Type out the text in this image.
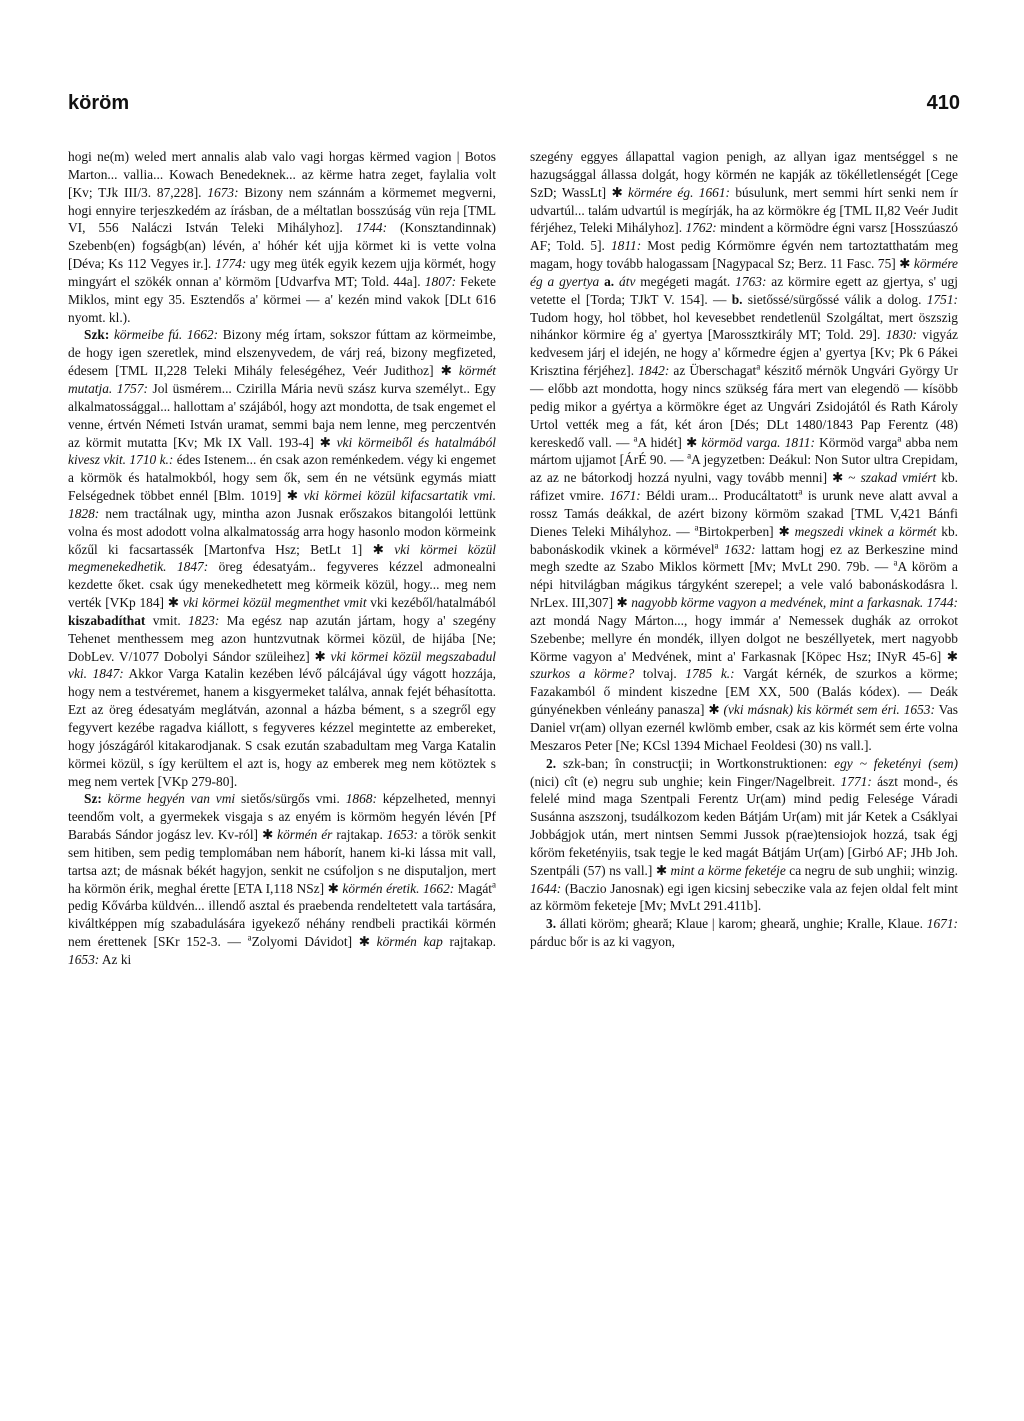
köröm	410

hogi ne(m) weled mert annalis alab valo vagi horgas kërmed vagion | Botos Marton... vallia... Kowach Benedeknek... az kërme hatra zeget, faylalia volt [Kv; TJk III/3. 87,228]. 1673: Bizony nem szánnám a körmemet megverni, hogi ennyire terjeszkedém az írásban, de a méltatlan bosszúság vün reja [TML VI, 556 Naláczi István Teleki Mihályhoz]. 1744: (Konsztandinnak) Szebenb(en) fogságb(an) lévén, a' hóhér két ujja körmet ki is vette volna [Déva; Ks 112 Vegyes ir.]. 1774: ugy meg üték egyik kezem ujja körmét, hogy mingyárt el szökék onnan a' körmöm [Udvarfva MT; Told. 44a]. 1807: Fekete Miklos, mint egy 35. Esztendős a' körmei — a' kezén mind vakok [DLt 616 nyomt. kl.).

Szk: körmeibe fú. 1662: Bizony még írtam, sokszor fúttam az körmeimbe, de hogy igen szeretlek, mind elszenyvedem, de várj reá, bizony megfizeted, édesem [TML II,228 Teleki Mihály feleségéhez, Veér Judithoz] ✱ körmét mutatja. 1757: Jol üsmérem... Czirilla Mária nevü szász kurva személyt.. Egy alkalmatossággal... hallottam a' szájából, hogy azt mondotta, de tsak engemet el venne, értvén Németi István uramat, semmi baja nem lenne, meg perczentvén az körmit mutatta [Kv; Mk IX Vall. 193-4] ✱ vki körmeiből és hatalmából kivesz vkit. 1710 k.: édes Istenem... én csak azon reménkedem. végy ki engemet a körmök és hatalmokból, hogy sem ők, sem én ne vétsünk egymás miatt Felségednek többet ennél [Blm. 1019] ✱ vki körmei közül kifacsartatik vmi. 1828: nem tractálnak ugy, mintha azon Jusnak erőszakos bitangolói lettünk volna és most adodott volna alkalmatosság arra hogy hasonlo modon körmeink kőzűl ki facsartassék [Martonfva Hsz; BetLt 1] ✱ vki körmei közül megmenekedhetik. 1847: öreg édesatyám.. fegyveres kézzel admonealni kezdette őket. csak úgy menekedhetett meg körmeik közül, hogy... meg nem verték [VKp 184] ✱ vki körmei közül megmenthet vmit vki kezéből/hatalmából kiszabadíthat vmit. 1823: Ma egész nap azután jártam, hogy a' szegény Tehenet menthessem meg azon huntzvutnak körmei közül, de hijába [Ne; DobLev. V/1077 Dobolyi Sándor szüleihez] ✱ vki körmei közül megszabadul vki. 1847: Akkor Varga Katalin kezében lévő pálcájával úgy vágott hozzája, hogy nem a testvéremet, hanem a kisgyermeket találva, annak fejét béhasította. Ezt az öreg édesatyám meglátván, azonnal a házba bément, s a szegről egy fegyvert kezébe ragadva kiállott, s fegyveres kézzel megintette az embereket, hogy jószágáról kitakarodjanak. S csak ezután szabadultam meg Varga Katalin körmei közül, s így kerültem el azt is, hogy az emberek meg nem kötöztek s meg nem vertek [VKp 279-80].

Sz: körme hegyén van vmi sietős/sürgős vmi. 1868: képzelheted, mennyi teendőm volt, a gyermekek visgaja s az enyém is körmöm hegyén lévén [Pf Barabás Sándor jogász lev. Kv-ról] ✱ körmén ér rajtakap. 1653: a török senkit sem hitiben, sem pedig templomában nem háborít, hanem ki-ki lássa mit vall, tartsa azt; de másnak békét hagyjon, senkit ne csúfoljon s ne disputaljon, mert ha körmön érik, meghal érette [ETA I,118 NSz] ✱ körmén éretik. 1662: Magát$^a$ pedig Kővárba küldvén... illendő asztal és praebenda rendeltetett vala tartására, kiváltképpen míg szabadulására igyekező néhány rendbeli practikái körmén nem érettenek [SKr 152-3. — $^a$Zolyomi Dávidot] ✱ körmén kap rajtakap. 1653: Az ki

szegény eggyes állapattal vagion penigh, az allyan igaz mentséggel s ne hazugsággal állassa dolgát, hogy körmén ne kapják az tökélletlenségét [Cege SzD; WassLt] ✱ körmére ég. 1661: búsulunk, mert semmi hírt senki nem ír udvartúl... talám udvartúl is megírják, ha az körmökre ég [TML II,82 Veér Judit férjéhez, Teleki Mihályhoz]. 1762: mindent a körmödre égni varsz [Hosszúaszó AF; Told. 5]. 1811: Most pedig Kórmömre égvén nem tartoztatthatám meg magam, hogy tovább halogassam [Nagypacal Sz; Berz. 11 Fasc. 75] ✱ körmére ég a gyertya a. átv megégeti magát. 1763: az körmire egett az gjertya, s' ugj vetette el [Torda; TJkT V. 154]. — b. sietőssé/sürgőssé válik a dolog. 1751: Tudom hogy, hol többet, hol kevesebbet rendetlenül Szolgáltat, mert öszszig nihánkor körmire ég a' gyertya [Marossztkirály MT; Told. 29]. 1830: vigyáz kedvesem járj el idején, ne hogy a' kőrmedre égjen a' gyertya [Kv; Pk 6 Pákei Krisztina férjéhez]. 1842: az Überschagat$^a$ készitő mérnök Ungvári György Ur — előbb azt mondotta, hogy nincs szükség fára mert van elegendö — kísöbb pedig mikor a gyértya a körmökre éget az Ungvári Zsidojától és Rath Károly Urtol vették meg a fát, két áron [Dés; DLt 1480/1843 Pap Ferentz (48) kereskedő vall. — $^a$A hidét] ✱ körmöd varga. 1811: Körmöd varga$^a$ abba nem mártom ujjamot [ÁrÉ 90. — $^a$A jegyzetben: Deákul: Non Sutor ultra Crepidam, az az ne bátorkodj hozzá nyulni, vagy tovább menni] ✱ ~ szakad vmiért kb. ráfizet vmire. 1671: Béldi uram... Producáltatott$^a$ is urunk neve alatt avval a rossz Tamás deákkal, de azért bizony körmöm szakad [TML V,421 Bánfi Dienes Teleki Mihályhoz. — $^a$Birtokperben] ✱ megszedi vkinek a körmét kb. babonáskodik vkinek a körmével$^a$ 1632: lattam hogj ez az Berkeszine mind megh szedte az Szabo Miklos körmett [Mv; MvLt 290. 79b. — $^a$A köröm a népi hitvilágban mágikus tárgyként szerepel; a vele való babonáskodásra l. NrLex. III,307] ✱ nagyobb körme vagyon a medvének, mint a farkasnak. 1744: azt mondá Nagy Márton..., hogy immár a' Nemessek dughák az orrokot Szebenbe; mellyre én mondék, illyen dolgot ne beszéllyetek, mert nagyobb Körme vagyon a' Medvének, mint a' Farkasnak [Köpec Hsz; INyR 45-6] ✱ szurkos a körme? tolvaj. 1785 k.: Vargát kérnék, de szurkos a körme; Fazakamból ő mindent kiszedne [EM XX, 500 (Balás kódex). — Deák gúnyénekben vénleány panasza] ✱ (vki másnak) kis körmét sem éri. 1653: Vas Daniel vr(am) ollyan ezernél kwlömb ember, csak az kis körmét sem érte volna Meszaros Peter [Ne; KCsl 1394 Michael Feoldesi (30) ns vall.].

2. szk-ban; în construcţii; in Wortkonstruktionen: egy ~ feketényi (sem) (nici) cît (e) negru sub unghie; kein Finger/Nagelbreit. 1771: ászt mond-, és felelé mind maga Szentpali Ferentz Ur(am) mind pedig Felesége Váradi Susánna aszszonj, tsudálkozom keden Bátjám Ur(am) mit jár Ketek a Csáklyai Jobbágjok után, mert nintsen Semmi Jussok p(rae)tensiojok hozzá, tsak égj kőröm feketényiis, tsak tegje le ked magát Bátjám Ur(am) [Girbó AF; JHb Joh. Szentpáli (57) ns vall.] ✱ mint a körme feketéje ca negru de sub unghii; winzig. 1644: (Baczio Janosnak) egi igen kicsinj sebeczike vala az fejen oldal felt mint az körmöm feketeje [Mv; MvLt 291.411b].

3. állati köröm; gheară; Klaue | karom; gheară, unghie; Kralle, Klaue. 1671: párduc bőr is az ki vagyon,
